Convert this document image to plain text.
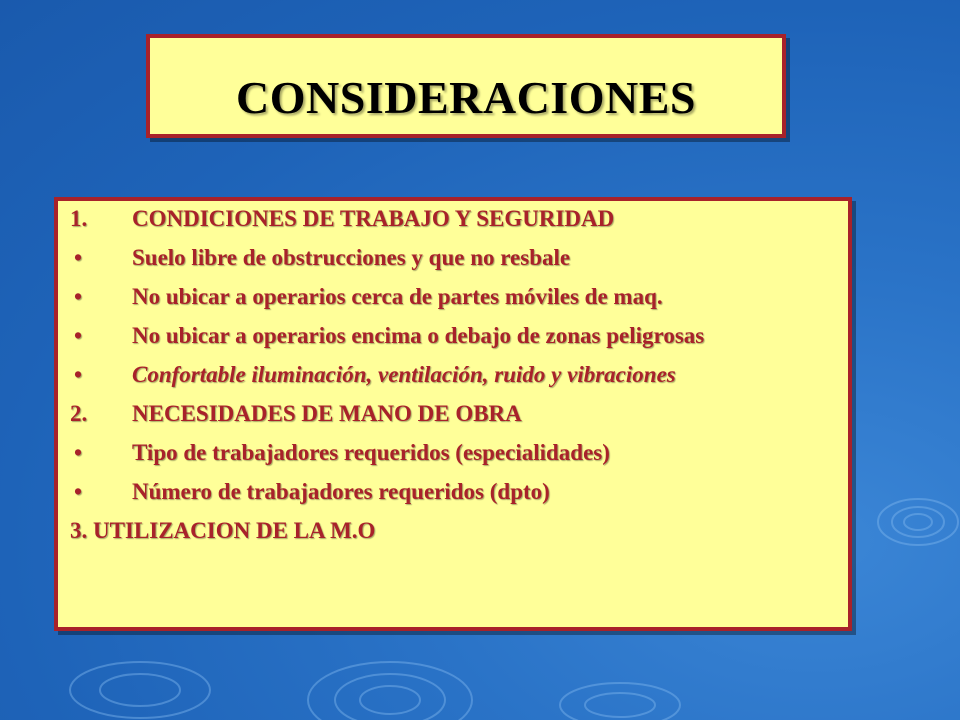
CONSIDERACIONES
1.	CONDICIONES DE TRABAJO Y SEGURIDAD
•	Suelo libre de obstrucciones y que no resbale
•	No ubicar a operarios cerca de partes móviles de maq.
•	No ubicar a operarios encima o debajo de zonas peligrosas
•	Confortable iluminación, ventilación, ruido y vibraciones
2.	NECESIDADES DE MANO DE OBRA
•	Tipo de trabajadores requeridos (especialidades)
•	Número de trabajadores requeridos (dpto)
3. UTILIZACION DE LA M.O
